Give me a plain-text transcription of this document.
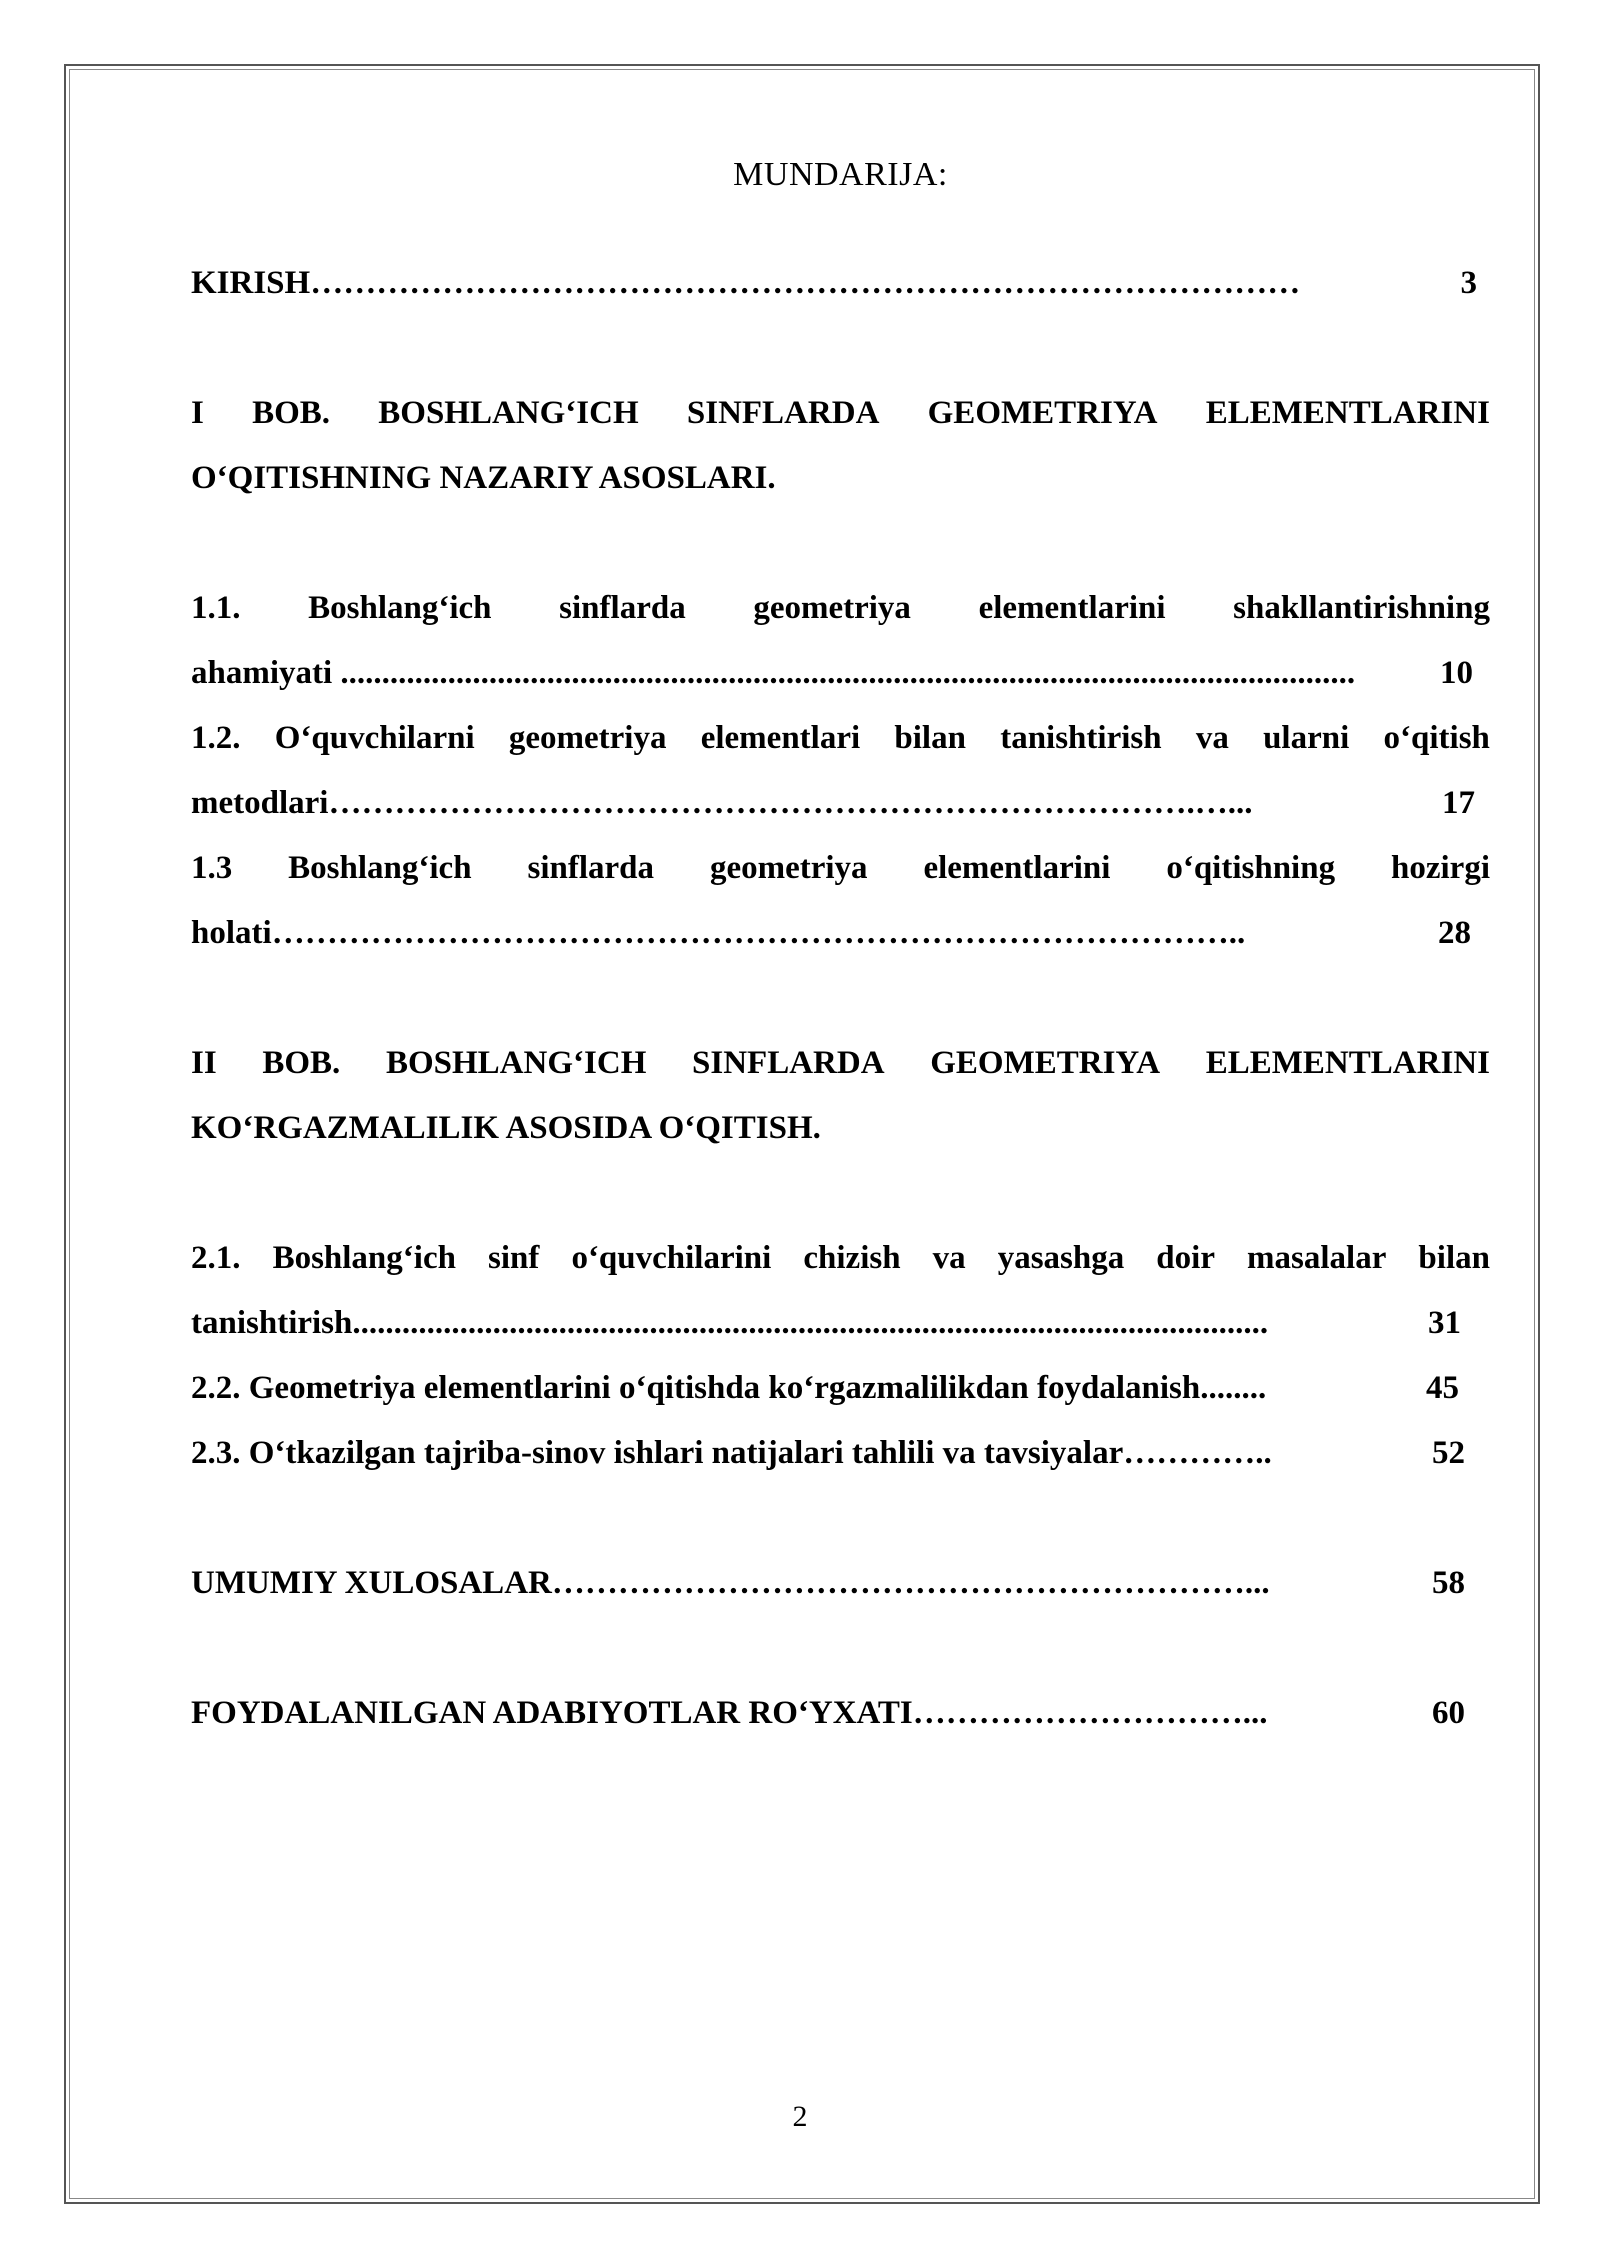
MUNDARIJA:
KIRISH ………………………………………………………………………………	3
I BOB. BOSHLANG‘ICH SINFLARDA GEOMETRIYA ELEMENTLARINI
O‘QITISHNING NAZARIY ASOSLARI.
1.1. Boshlang‘ich sinflarda geometriya elementlarini shakllantirishning
ahamiyati ...........................................................................................................................	10
1.2. O‘quvchilarni geometriya elementlari bilan tanishtirish va ularni o‘qitish
metodlari …………………………………………………………………….…...	17
1.3 Boshlang‘ich sinflarda geometriya elementlarini o‘qitishning hozirgi
holati ……………………………………………………………………………..	28
II BOB. BOSHLANG‘ICH SINFLARDA GEOMETRIYA ELEMENTLARINI
KO‘RGAZMALILIK ASOSIDA O‘QITISH.
2.1. Boshlang‘ich sinf o‘quvchilarini chizish va yasashga doir masalalar bilan
tanishtirish ...............................................................................................................	31
2.2. Geometriya elementlarini o‘qitishda ko‘rgazmalilikdan foydalanish ........	45
2.3. O‘tkazilgan tajriba-sinov ishlari natijalari tahlili va tavsiyalar …………..	52
UMUMIY XULOSALAR ………………………………………………………...	58
FOYDALANILGAN ADABIYOTLAR RO‘YXATI …………………………...	60
2
